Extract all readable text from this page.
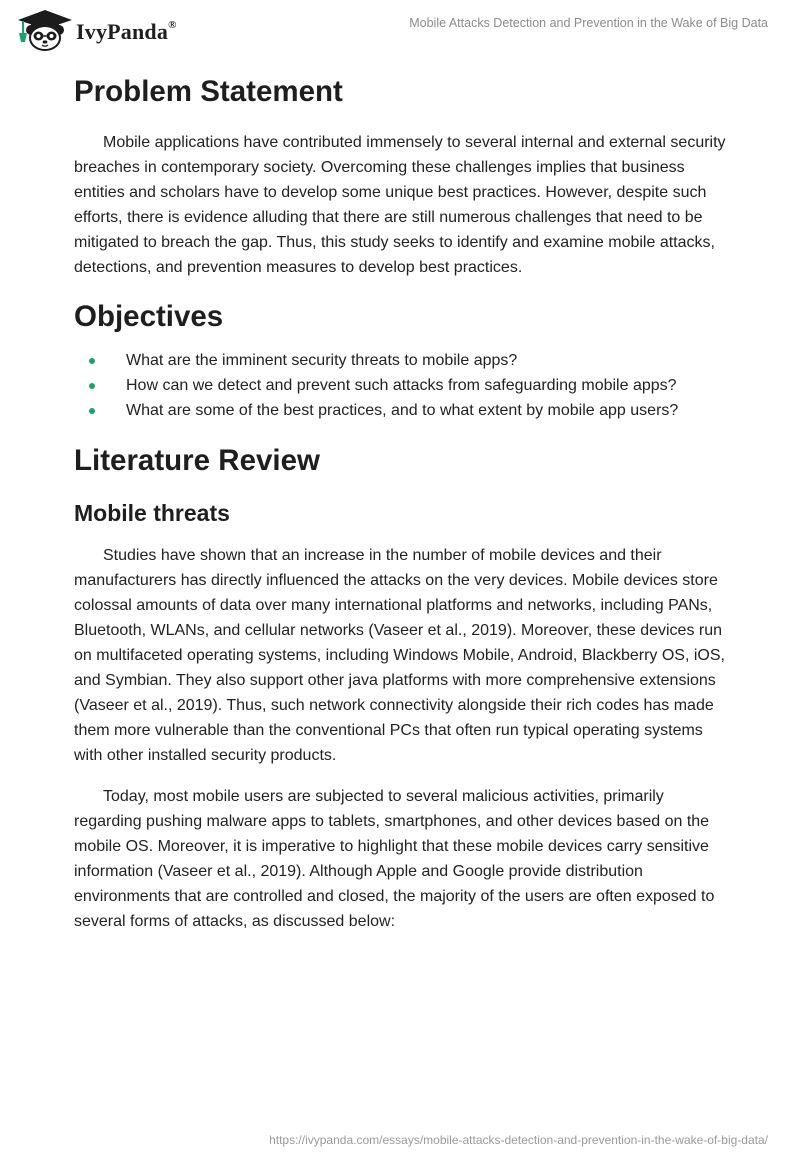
IvyPanda®	Mobile Attacks Detection and Prevention in the Wake of Big Data
Problem Statement

Mobile applications have contributed immensely to several internal and external security breaches in contemporary society. Overcoming these challenges implies that business entities and scholars have to develop some unique best practices. However, despite such efforts, there is evidence alluding that there are still numerous challenges that need to be mitigated to breach the gap. Thus, this study seeks to identify and examine mobile attacks, detections, and prevention measures to develop best practices.

Objectives
What are the imminent security threats to mobile apps?
How can we detect and prevent such attacks from safeguarding mobile apps?
What are some of the best practices, and to what extent by mobile app users?
Literature Review
Mobile threats

Studies have shown that an increase in the number of mobile devices and their manufacturers has directly influenced the attacks on the very devices. Mobile devices store colossal amounts of data over many international platforms and networks, including PANs, Bluetooth, WLANs, and cellular networks (Vaseer et al., 2019). Moreover, these devices run on multifaceted operating systems, including Windows Mobile, Android, Blackberry OS, iOS, and Symbian. They also support other java platforms with more comprehensive extensions (Vaseer et al., 2019). Thus, such network connectivity alongside their rich codes has made them more vulnerable than the conventional PCs that often run typical operating systems with other installed security products.

Today, most mobile users are subjected to several malicious activities, primarily regarding pushing malware apps to tablets, smartphones, and other devices based on the mobile OS. Moreover, it is imperative to highlight that these mobile devices carry sensitive information (Vaseer et al., 2019). Although Apple and Google provide distribution environments that are controlled and closed, the majority of the users are often exposed to several forms of attacks, as discussed below:

https://ivypanda.com/essays/mobile-attacks-detection-and-prevention-in-the-wake-of-big-data/
